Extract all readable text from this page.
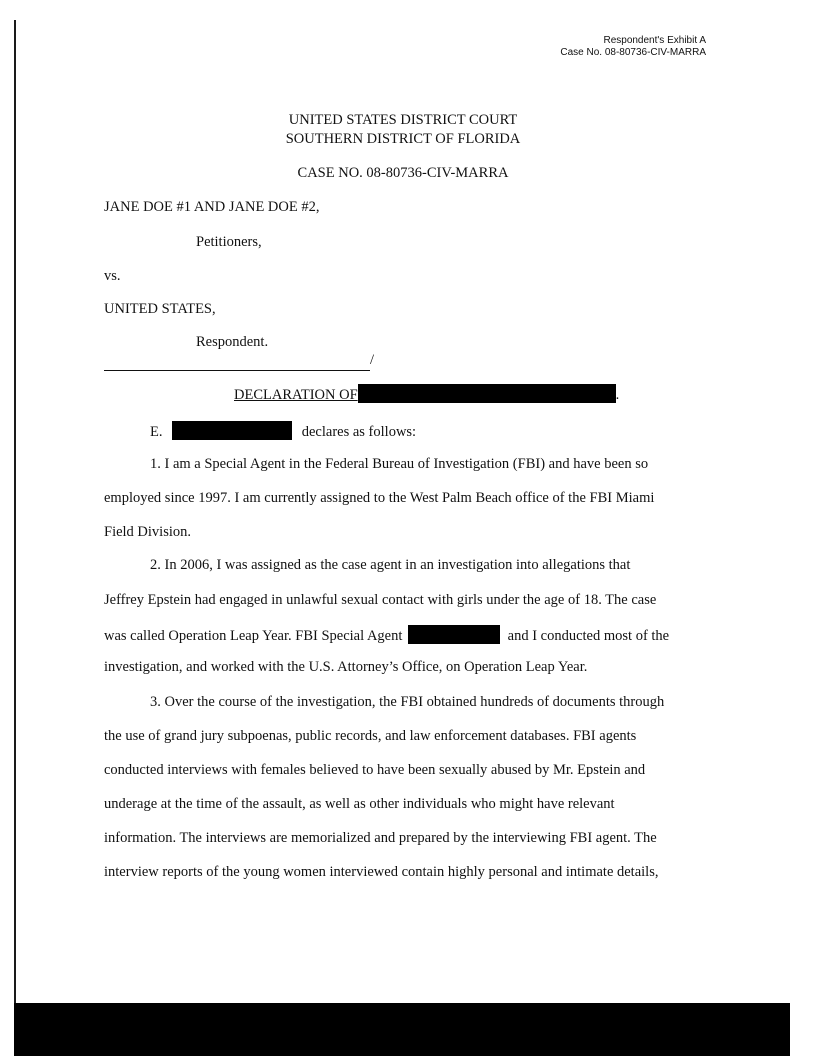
Respondent's Exhibit A
Case No. 08-80736-CIV-MARRA
UNITED STATES DISTRICT COURT
SOUTHERN DISTRICT OF FLORIDA
CASE NO. 08-80736-CIV-MARRA
JANE DOE #1 AND JANE DOE #2,
Petitioners,
vs.
UNITED STATES,
Respondent.
/
DECLARATION OF	.
E.	declares as follows:
1. I am a Special Agent in the Federal Bureau of Investigation (FBI) and have been so
employed since 1997. I am currently assigned to the West Palm Beach office of the FBI Miami
Field Division.
2. In 2006, I was assigned as the case agent in an investigation into allegations that
Jeffrey Epstein had engaged in unlawful sexual contact with girls under the age of 18. The case
was called Operation Leap Year. FBI Special Agent	and I conducted most of the
investigation, and worked with the U.S. Attorney’s Office, on Operation Leap Year.
3. Over the course of the investigation, the FBI obtained hundreds of documents through
the use of grand jury subpoenas, public records, and law enforcement databases. FBI agents
conducted interviews with females believed to have been sexually abused by Mr. Epstein and
underage at the time of the assault, as well as other individuals who might have relevant
information. The interviews are memorialized and prepared by the interviewing FBI agent. The
interview reports of the young women interviewed contain highly personal and intimate details,
